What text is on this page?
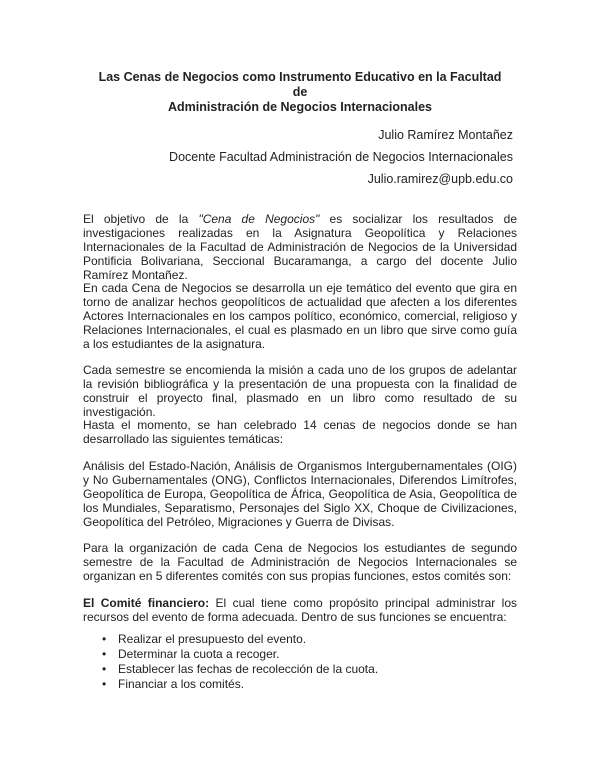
Las Cenas de Negocios como Instrumento Educativo en la Facultad de
Administración de Negocios Internacionales
Julio Ramírez Montañez
Docente Facultad Administración de Negocios Internacionales
Julio.ramirez@upb.edu.co

El objetivo de la "Cena de Negocios" es socializar los resultados de investigaciones realizadas en la Asignatura Geopolítica y Relaciones Internacionales de la Facultad de Administración de Negocios de la Universidad Pontificia Bolivariana, Seccional Bucaramanga, a cargo del docente Julio Ramírez Montañez.

En cada Cena de Negocios se desarrolla un eje temático del evento que gira en torno de analizar hechos geopolíticos de actualidad que afecten a los diferentes Actores Internacionales en los campos político, económico, comercial, religioso y Relaciones Internacionales, el cual es plasmado en un libro que sirve como guía a los estudiantes de la asignatura.

Cada semestre se encomienda la misión a cada uno de los grupos de adelantar la revisión bibliográfica y la presentación de una propuesta con la finalidad de construir el proyecto final, plasmado en un libro como resultado de su investigación.

Hasta el momento, se han celebrado 14 cenas de negocios donde se han desarrollado las siguientes temáticas:

Análisis del Estado-Nación, Análisis de Organismos Intergubernamentales (OIG) y No Gubernamentales (ONG), Conflictos Internacionales, Diferendos Limítrofes, Geopolítica de Europa, Geopolítica de África, Geopolítica de Asia, Geopolítica de los Mundiales, Separatismo, Personajes del Siglo XX, Choque de Civilizaciones, Geopolítica del Petróleo, Migraciones y Guerra de Divisas.

Para la organización de cada Cena de Negocios los estudiantes de segundo semestre de la Facultad de Administración de Negocios Internacionales se organizan en 5 diferentes comités con sus propias funciones, estos comités son:

El Comité financiero: El cual tiene como propósito principal administrar los recursos del evento de forma adecuada. Dentro de sus funciones se encuentra:

• Realizar el presupuesto del evento.
• Determinar la cuota a recoger.
• Establecer las fechas de recolección de la cuota.
• Financiar a los comités.
